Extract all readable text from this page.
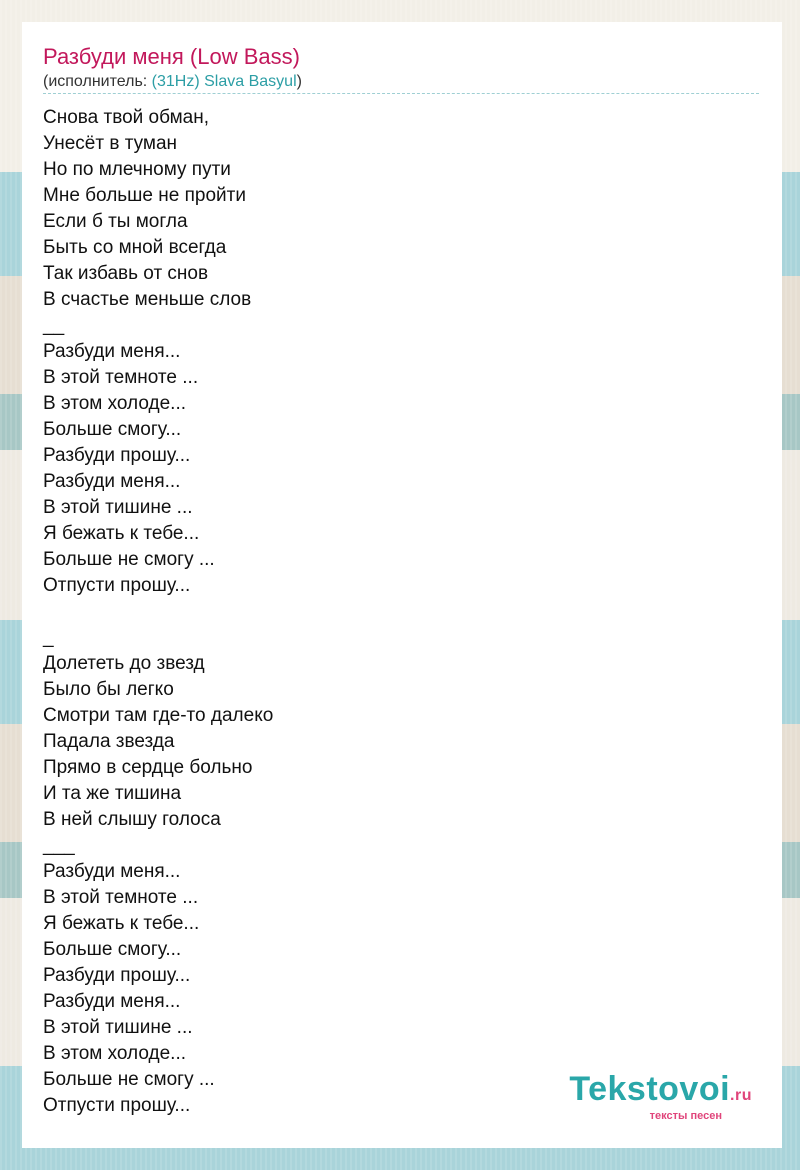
Разбуди меня (Low Bass)
(исполнитель: (31Hz) Slava Basyul)
Снова твой обман,
Унесёт в туман
Но по млечному пути
Мне больше не пройти
Если б ты могла
Быть со мной всегда
Так избавь от снов
В счастье меньше слов
__
Разбуди меня...
В этой темноте ...
В этом холоде...
Больше смогу...
Разбуди прошу...
Разбуди меня...
В этой тишине ...
Я бежать к тебе...
Больше не смогу ...
Отпусти прошу...
_
Долететь до звезд
Было бы легко
Смотри там где-то далеко
Падала звезда
Прямо в сердце больно
И та же тишина
В ней слышу голоса
___
Разбуди меня...
В этой темноте ...
Я бежать к тебе...
Больше смогу...
Разбуди прошу...
Разбуди меня...
В этой тишине ...
В этом холоде...
Больше не смогу ...
Отпусти прошу...	Tekstovoi.ru
тексты песен
